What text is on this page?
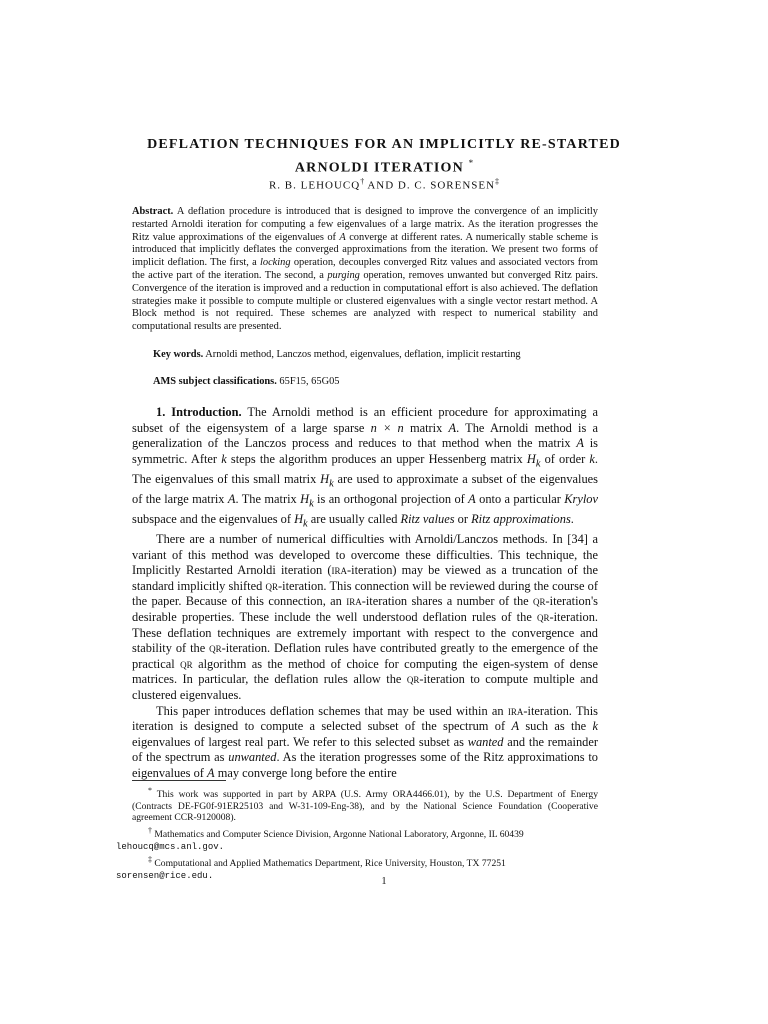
DEFLATION TECHNIQUES FOR AN IMPLICITLY RE-STARTED
ARNOLDI ITERATION *
R. B. LEHOUCQ† AND D. C. SORENSEN‡
Abstract. A deflation procedure is introduced that is designed to improve the convergence of an implicitly restarted Arnoldi iteration for computing a few eigenvalues of a large matrix. As the iteration progresses the Ritz value approximations of the eigenvalues of A converge at different rates. A numerically stable scheme is introduced that implicitly deflates the converged approximations from the iteration. We present two forms of implicit deflation. The first, a locking operation, decouples converged Ritz values and associated vectors from the active part of the iteration. The second, a purging operation, removes unwanted but converged Ritz pairs. Convergence of the iteration is improved and a reduction in computational effort is also achieved. The deflation strategies make it possible to compute multiple or clustered eigenvalues with a single vector restart method. A Block method is not required. These schemes are analyzed with respect to numerical stability and computational results are presented.
Key words. Arnoldi method, Lanczos method, eigenvalues, deflation, implicit restarting
AMS subject classifications. 65F15, 65G05

1. Introduction. The Arnoldi method is an efficient procedure for approximating a subset of the eigensystem of a large sparse n × n matrix A. The Arnoldi method is a generalization of the Lanczos process and reduces to that method when the matrix A is symmetric. After k steps the algorithm produces an upper Hessenberg matrix $H_k$ of order k. The eigenvalues of this small matrix $H_k$ are used to approximate a subset of the eigenvalues of the large matrix A. The matrix $H_k$ is an orthogonal projection of A onto a particular Krylov subspace and the eigenvalues of $H_k$ are usually called Ritz values or Ritz approximations.

There are a number of numerical difficulties with Arnoldi/Lanczos methods. In [34] a variant of this method was developed to overcome these difficulties. This technique, the Implicitly Restarted Arnoldi iteration (ira-iteration) may be viewed as a truncation of the standard implicitly shifted qr-iteration. This connection will be reviewed during the course of the paper. Because of this connection, an ira-iteration shares a number of the qr-iteration's desirable properties. These include the well understood deflation rules of the qr-iteration. These deflation techniques are extremely important with respect to the convergence and stability of the qr-iteration. Deflation rules have contributed greatly to the emergence of the practical qr algorithm as the method of choice for computing the eigen-system of dense matrices. In particular, the deflation rules allow the qr-iteration to compute multiple and clustered eigenvalues.

This paper introduces deflation schemes that may be used within an ira-iteration. This iteration is designed to compute a selected subset of the spectrum of A such as the k eigenvalues of largest real part. We refer to this selected subset as wanted and the remainder of the spectrum as unwanted. As the iteration progresses some of the Ritz approximations to eigenvalues of A may converge long before the entire

* This work was supported in part by ARPA (U.S. Army ORA4466.01), by the U.S. Department of Energy (Contracts DE-FG0f-91ER25103 and W-31-109-Eng-38), and by the National Science Foundation (Cooperative agreement CCR-9120008).

† Mathematics and Computer Science Division, Argonne National Laboratory, Argonne, IL 60439
lehoucq@mcs.anl.gov.

‡ Computational and Applied Mathematics Department, Rice University, Houston, TX 77251
sorensen@rice.edu.	1
